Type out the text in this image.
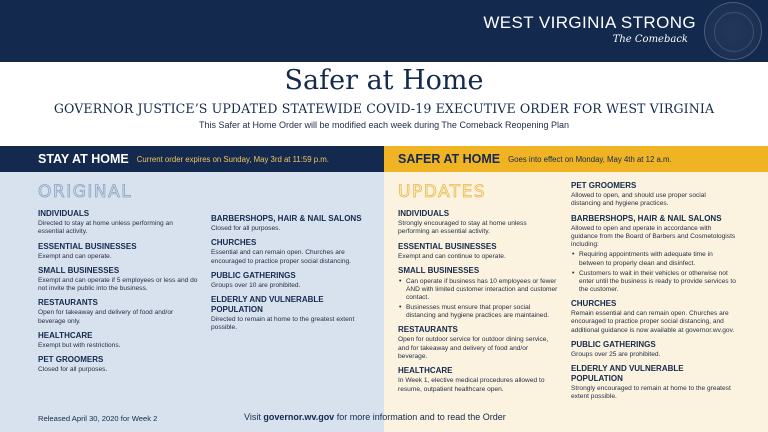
WEST VIRGINIA STRONG
The Comeback
Safer at Home
GOVERNOR JUSTICE’S UPDATED STATEWIDE COVID-19 EXECUTIVE ORDER FOR WEST VIRGINIA
This Safer at Home Order will be modified each week during The Comeback Reopening Plan
STAY AT HOME Current order expires on Sunday, May 3rd at 11:59 p.m.	SAFER AT HOME Goes into effect on Monday, May 4th at 12 a.m.
ORIGINAL
INDIVIDUALS
Directed to stay at home unless performing an essential activity.
ESSENTIAL BUSINESSES
Exempt and can operate.
SMALL BUSINESSES
Exempt and can operate if 5 employees or less and do not invite the public into the business.
RESTAURANTS
Open for takeaway and delivery of food and/or beverage only.
HEALTHCARE
Exempt but with restrictions.
PET GROOMERS
Closed for all purposes.
BARBERSHOPS, HAIR & NAIL SALONS
Closed for all purposes.
CHURCHES
Essential and can remain open. Churches are encouraged to practice proper social distancing.
PUBLIC GATHERINGS
Groups over 10 are prohibited.
ELDERLY AND VULNERABLE POPULATION
Directed to remain at home to the greatest extent possible.
UPDATES
INDIVIDUALS
Strongly encouraged to stay at home unless performing an essential activity.
ESSENTIAL BUSINESSES
Exempt and can continue to operate.
SMALL BUSINESSES
• Can operate if business has 10 employees or fewer AND with limited customer interaction and customer contact.
• Businesses must ensure that proper social distancing and hygiene practices are maintained.
RESTAURANTS
Open for outdoor service for outdoor dining service, and for takeaway and delivery of food and/or beverage.
HEALTHCARE
In Week 1, elective medical procedures allowed to resume, outpatient healthcare open.
PET GROOMERS
Allowed to open, and should use proper social distancing and hygiene practices.
BARBERSHOPS, HAIR & NAIL SALONS
Allowed to open and operate in accordance with guidance from the Board of Barbers and Cosmetologists including:
• Requiring appointments with adequate time in between to properly clean and disinfect.
• Customers to wait in their vehicles or otherwise not enter until the business is ready to provide services to the customer.
CHURCHES
Remain essential and can remain open. Churches are encouraged to practice proper social distancing, and additional guidance is now available at governor.wv.gov.
PUBLIC GATHERINGS
Groups over 25 are prohibited.
ELDERLY AND VULNERABLE POPULATION
Strongly encouraged to remain at home to the greatest extent possible.
Released April 30, 2020 for Week 2	Visit governor.wv.gov for more information and to read the Order
